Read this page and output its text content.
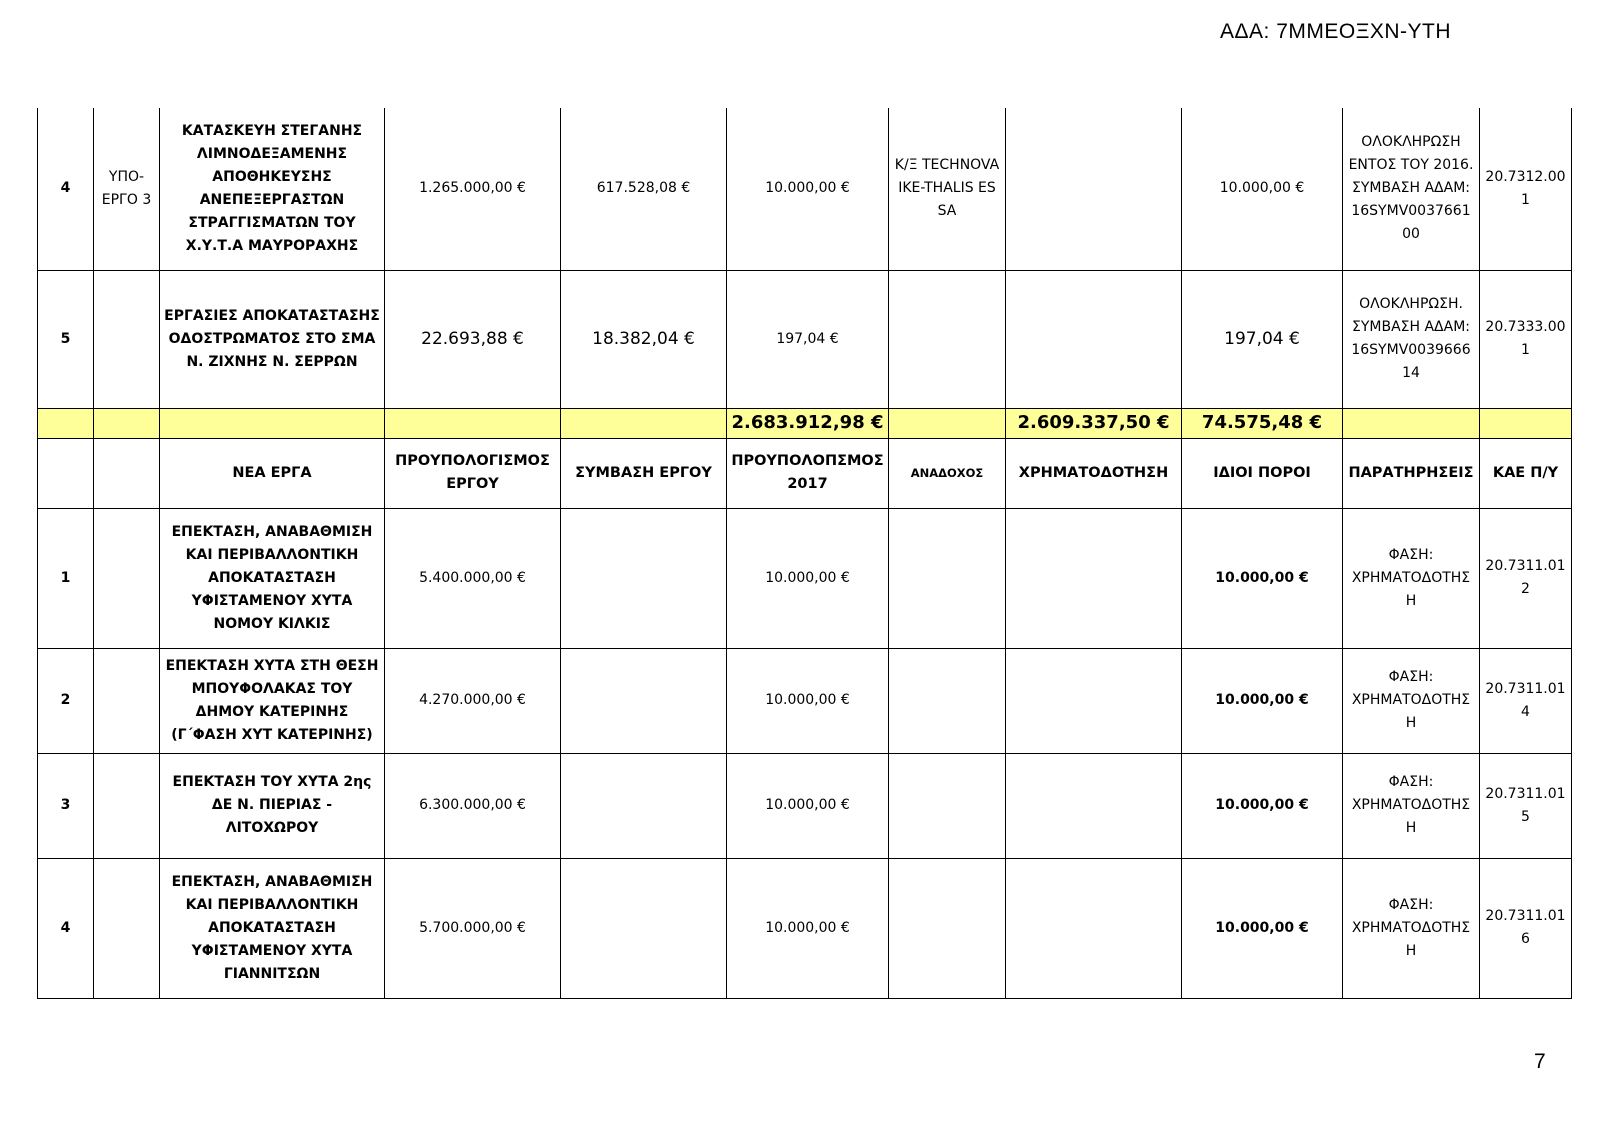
ΑΔΑ: 7ΜΜΕΟΞΧΝ-ΥΤΗ
4	ΥΠΟ-ΕΡΓΟ 3	ΚΑΤΑΣΚΕΥΗ ΣΤΕΓΑΝΗΣ ΛΙΜΝΟΔΕΞΑΜΕΝΗΣ ΑΠΟΘΗΚΕΥΣΗΣ ΑΝΕΠΕΞΕΡΓΑΣΤΩΝ ΣΤΡΑΓΓΙΣΜΑΤΩΝ ΤΟΥ Χ.Υ.Τ.Α ΜΑΥΡΟΡΑΧΗΣ	1.265.000,00 €	617.528,08 €	10.000,00 €	Κ/Ξ TECHNOVA IKE-THALIS ES SA		10.000,00 €	ΟΛΟΚΛΗΡΩΣΗ ΕΝΤΟΣ ΤΟΥ 2016. ΣΥΜΒΑΣΗ ΑΔΑΜ: 16SYMV003766100	20.7312.001
5		ΕΡΓΑΣΙΕΣ ΑΠΟΚΑΤΑΣΤΑΣΗΣ ΟΔΟΣΤΡΩΜΑΤΟΣ ΣΤΟ ΣΜΑ Ν. ΖΙΧΝΗΣ Ν. ΣΕΡΡΩΝ	22.693,88 €	18.382,04 €	197,04 €			197,04 €	ΟΛΟΚΛΗΡΩΣΗ. ΣΥΜΒΑΣΗ ΑΔΑΜ: 16SYMV003966614	20.7333.001
					2.683.912,98 €		2.609.337,50 €	74.575,48 €		
		ΝΕΑ ΕΡΓΑ	ΠΡΟΥΠΟΛΟΓΙΣΜΟΣ ΕΡΓΟΥ	ΣΥΜΒΑΣΗ ΕΡΓΟΥ	ΠΡΟΥΠΟΛΟΠΣΜΟΣ 2017	ΑΝΑΔΟΧΟΣ	ΧΡΗΜΑΤΟΔΟΤΗΣΗ	ΙΔΙΟΙ ΠΟΡΟΙ	ΠΑΡΑΤΗΡΗΣΕΙΣ	ΚΑΕ Π/Υ
1		ΕΠΕΚΤΑΣΗ, ΑΝΑΒΑΘΜΙΣΗ ΚΑΙ ΠΕΡΙΒΑΛΛΟΝΤΙΚΗ ΑΠΟΚΑΤΑΣΤΑΣΗ ΥΦΙΣΤΑΜΕΝΟΥ ΧΥΤΑ ΝΟΜΟΥ ΚΙΛΚΙΣ	5.400.000,00 €		10.000,00 €			10.000,00 €	ΦΑΣΗ: ΧΡΗΜΑΤΟΔΟΤΗΣΗ	20.7311.012
2		ΕΠΕΚΤΑΣΗ ΧΥΤΑ ΣΤΗ ΘΕΣΗ ΜΠΟΥΦΟΛΑΚΑΣ ΤΟΥ ΔΗΜΟΥ ΚΑΤΕΡΙΝΗΣ (Γ΄ΦΑΣΗ ΧΥΤ ΚΑΤΕΡΙΝΗΣ)	4.270.000,00 €		10.000,00 €			10.000,00 €	ΦΑΣΗ: ΧΡΗΜΑΤΟΔΟΤΗΣΗ	20.7311.014
3		ΕΠΕΚΤΑΣΗ ΤΟΥ ΧΥΤΑ 2ης ΔΕ Ν. ΠΙΕΡΙΑΣ - ΛΙΤΟΧΩΡΟΥ	6.300.000,00 €		10.000,00 €			10.000,00 €	ΦΑΣΗ: ΧΡΗΜΑΤΟΔΟΤΗΣΗ	20.7311.015
4		ΕΠΕΚΤΑΣΗ, ΑΝΑΒΑΘΜΙΣΗ ΚΑΙ ΠΕΡΙΒΑΛΛΟΝΤΙΚΗ ΑΠΟΚΑΤΑΣΤΑΣΗ ΥΦΙΣΤΑΜΕΝΟΥ ΧΥΤΑ ΓΙΑΝΝΙΤΣΩΝ	5.700.000,00 €		10.000,00 €			10.000,00 €	ΦΑΣΗ: ΧΡΗΜΑΤΟΔΟΤΗΣΗ	20.7311.016
7
